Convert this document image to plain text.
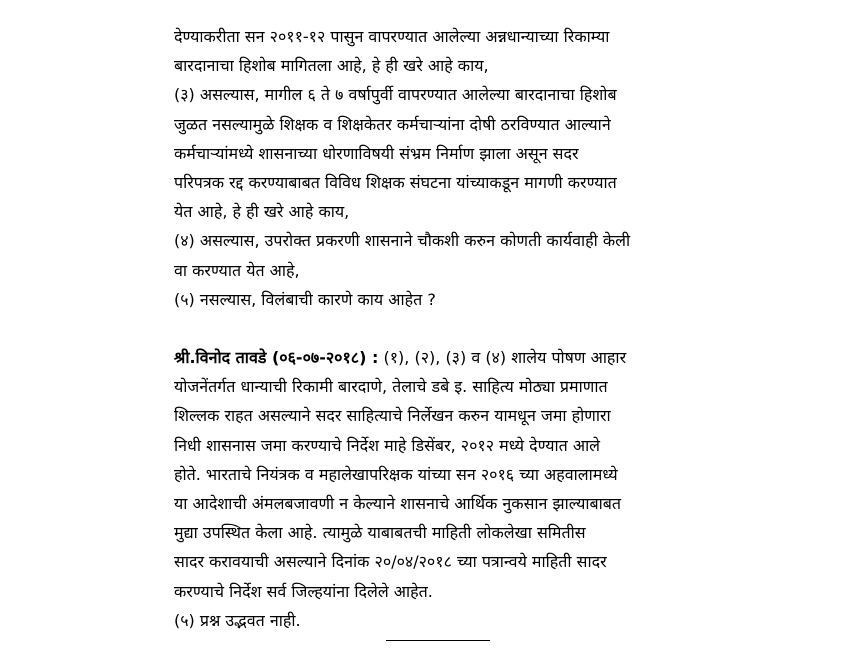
देण्याकरीता सन २०११-१२ पासुन वापरण्यात आलेल्या अन्नधान्याच्या रिकाम्या
बारदानाचा हिशोब मागितला आहे, हे ही खरे आहे काय,
(३) असल्यास, मागील ६ ते ७ वर्षापुर्वी वापरण्यात आलेल्या बारदानाचा हिशोब
जुळत नसल्यामुळे शिक्षक व शिक्षकेतर कर्मचाऱ्यांना दोषी ठरविण्यात आल्याने
कर्मचाऱ्यांमध्ये शासनाच्या धोरणाविषयी संभ्रम निर्माण झाला असून सदर
परिपत्रक रद्द करण्याबाबत विविध शिक्षक संघटना यांच्याकडून मागणी करण्यात
येत आहे, हे ही खरे आहे काय,
(४) असल्यास, उपरोक्त प्रकरणी शासनाने चौकशी करुन कोणती कार्यवाही केली
वा करण्यात येत आहे,
(५) नसल्यास, विलंबाची कारणे काय आहेत ?
श्री.विनोद तावडे (०६-०७-२०१८) : (१), (२), (३) व (४) शालेय पोषण आहार
योजनेंतर्गत धान्याची रिकामी बारदाणे, तेलाचे डबे इ. साहित्य मोठ्या प्रमाणात
शिल्लक राहत असल्याने सदर साहित्याचे निर्लेखन करुन यामधून जमा होणारा
निधी शासनास जमा करण्याचे निर्देश माहे डिसेंबर, २०१२ मध्ये देण्यात आले
होते. भारताचे नियंत्रक व महालेखापरिक्षक यांच्या सन २०१६ च्या अहवालामध्ये
या आदेशाची अंमलबजावणी न केल्याने शासनाचे आर्थिक नुकसान झाल्याबाबत
मुद्या उपस्थित केला आहे. त्यामुळे याबाबतची माहिती लोकलेखा समितीस
सादर करावयाची असल्याने दिनांक २०/०४/२०१८ च्या पत्रान्वये माहिती सादर
करण्याचे निर्देश सर्व जिल्हयांना दिलेले आहेत.
(५) प्रश्न उद्भवत नाही.
